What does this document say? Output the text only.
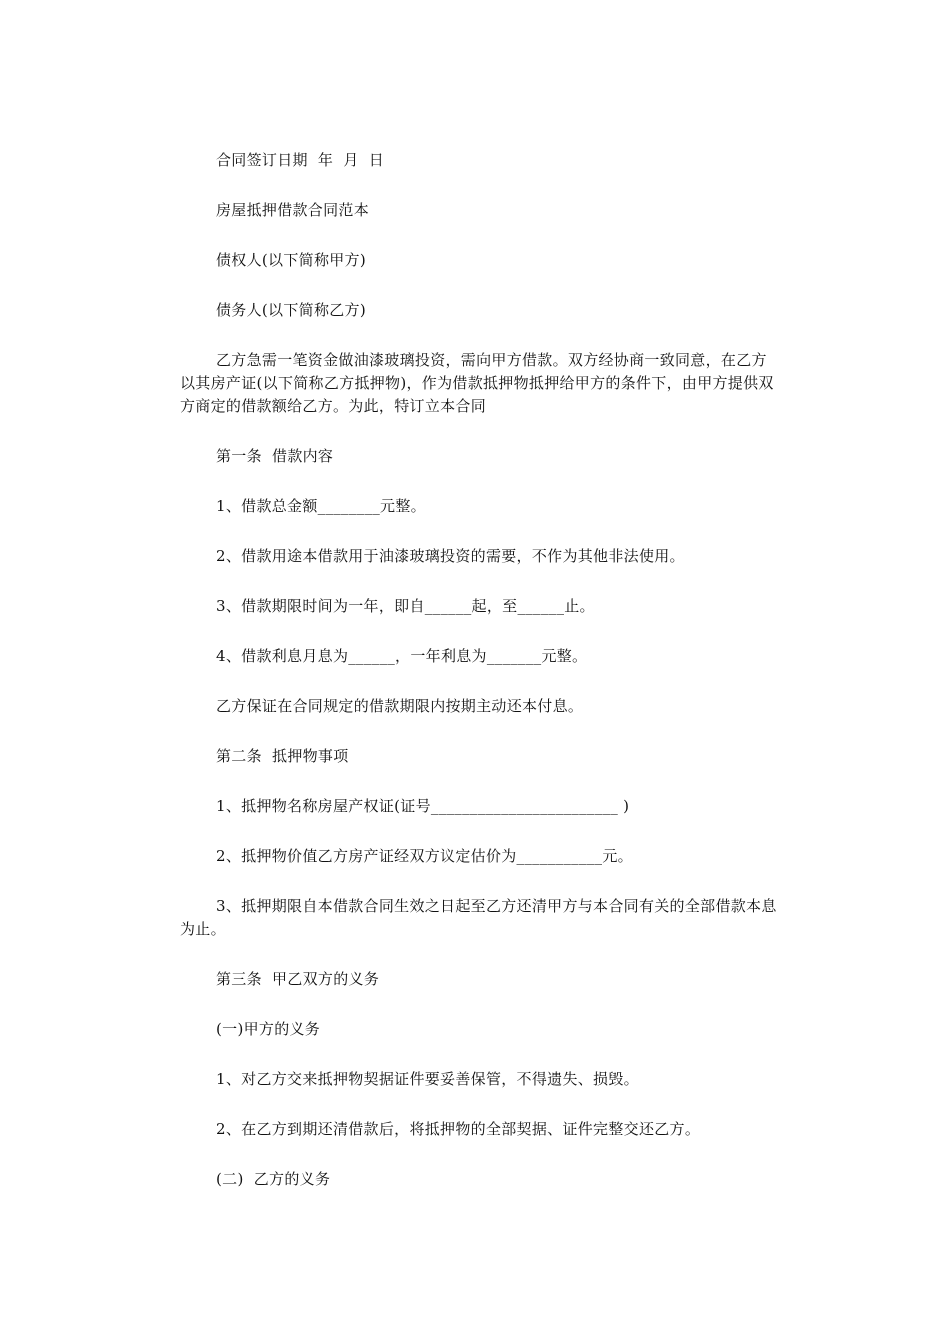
合同签订日期  年  月  日

房屋抵押借款合同范本

债权人(以下简称甲方)

债务人(以下简称乙方)

乙方急需一笔资金做油漆玻璃投资，需向甲方借款。双方经协商一致同意，在乙方以其房产证(以下简称乙方抵押物)，作为借款抵押物抵押给甲方的条件下，由甲方提供双方商定的借款额给乙方。为此，特订立本合同

第一条  借款内容

1、借款总金额________元整。

2、借款用途本借款用于油漆玻璃投资的需要，不作为其他非法使用。

3、借款期限时间为一年，即自______起，至______止。

4、借款利息月息为______，一年利息为_______元整。

乙方保证在合同规定的借款期限内按期主动还本付息。

第二条  抵押物事项

1、抵押物名称房屋产权证(证号________________________ )

2、抵押物价值乙方房产证经双方议定估价为___________元。

3、抵押期限自本借款合同生效之日起至乙方还清甲方与本合同有关的全部借款本息为止。

第三条  甲乙双方的义务

(一)甲方的义务

1、对乙方交来抵押物契据证件要妥善保管，不得遗失、损毁。

2、在乙方到期还清借款后，将抵押物的全部契据、证件完整交还乙方。

(二)  乙方的义务
